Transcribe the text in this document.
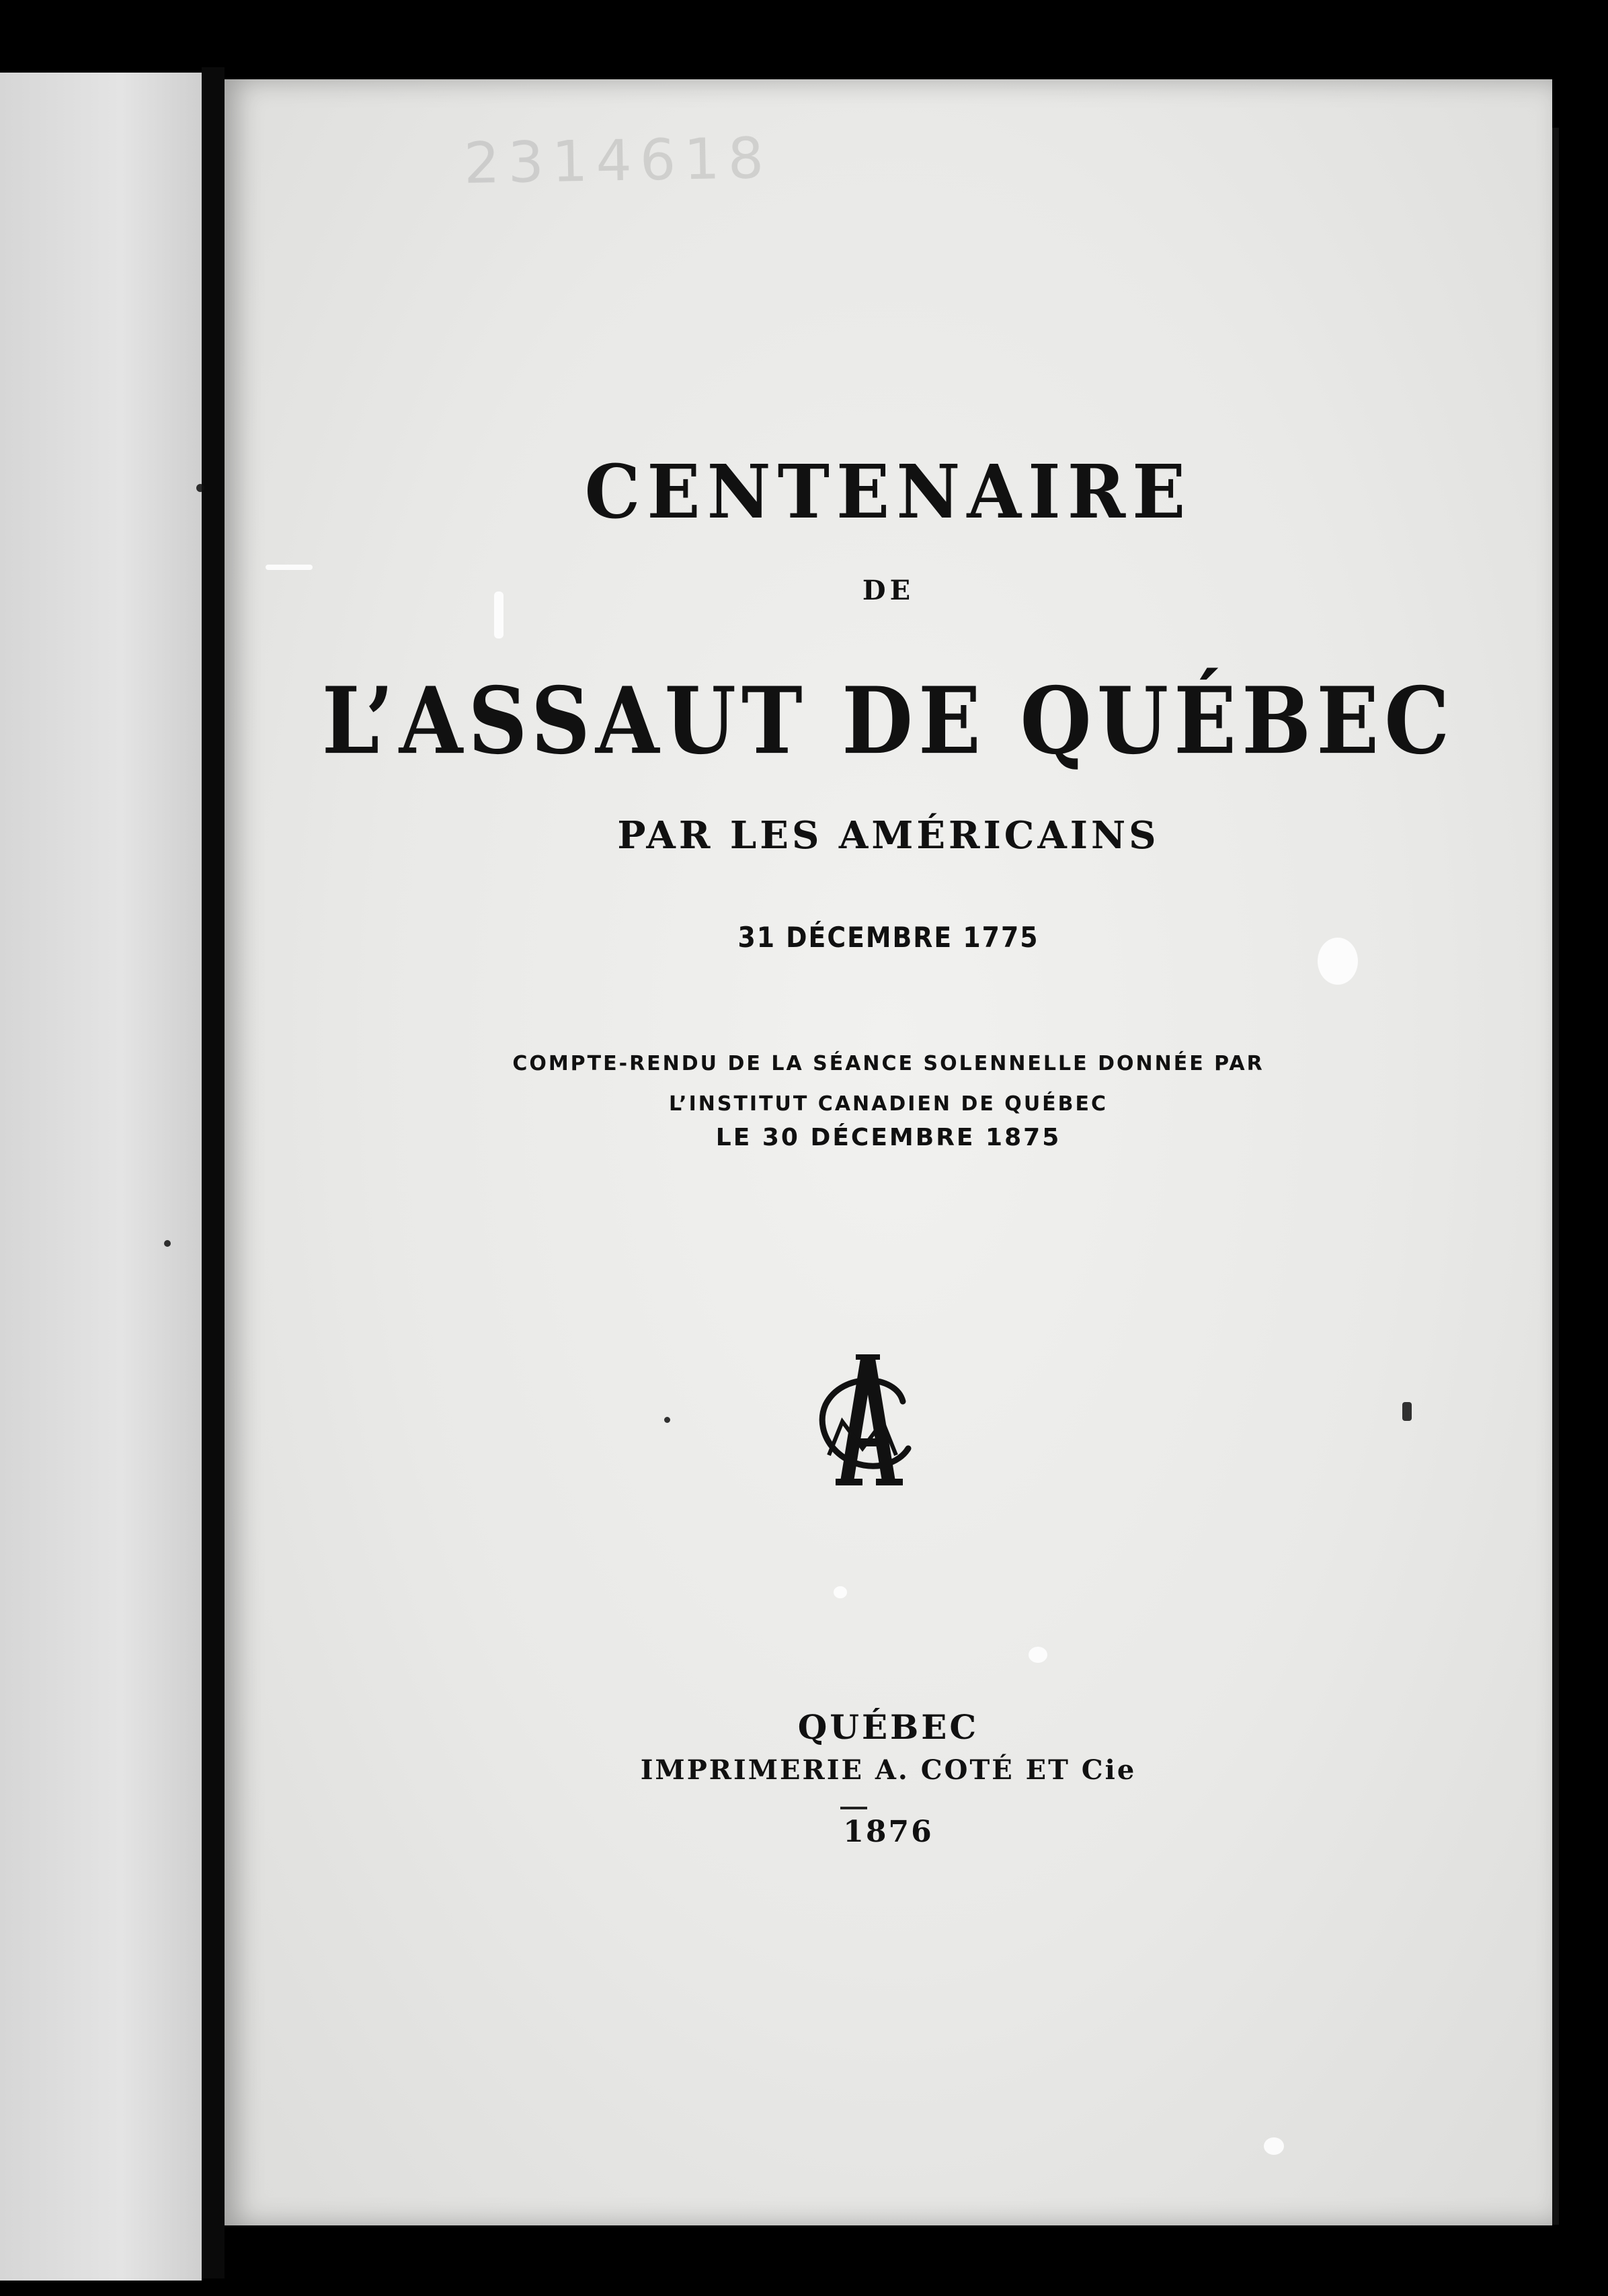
2314618
CENTENAIRE
DE
L’ASSAUT DE QUÉBEC
PAR LES AMÉRICAINS
31 DÉCEMBRE 1775
COMPTE-RENDU DE LA SÉANCE SOLENNELLE DONNÉE PAR
L’INSTITUT CANADIEN DE QUÉBEC
LE 30 DÉCEMBRE 1875
QUÉBEC
IMPRIMERIE A. COTÉ ET Cie
1876
